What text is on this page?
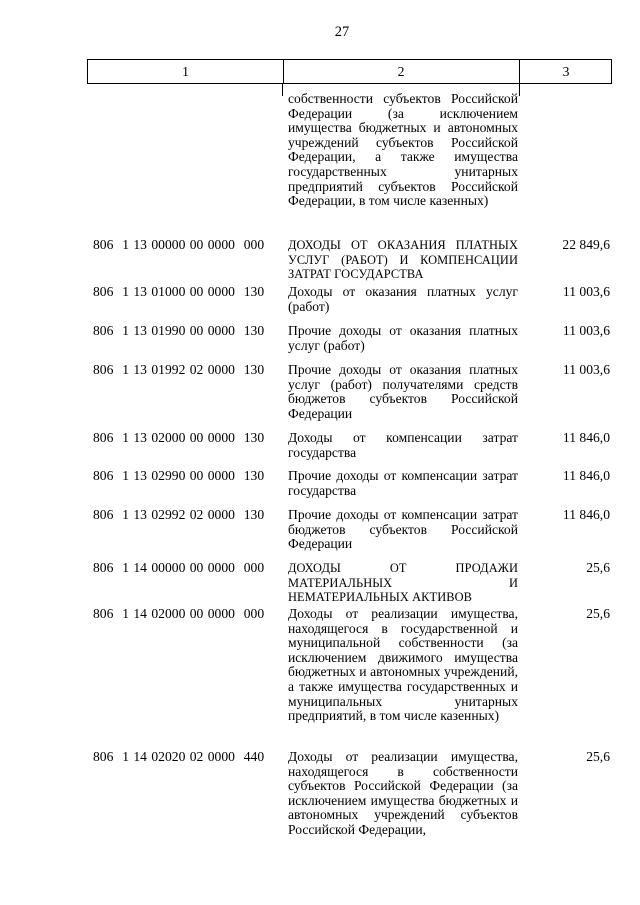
27
1	2	3
собственности субъектов Российской Федерации (за исключением имущества бюджетных и автономных учреждений субъектов Российской Федерации, а также имущества государственных унитарных предприятий субъектов Российской Федерации, в том числе казенных)
806  1 13 00000 00 0000  000 ДОХОДЫ ОТ ОКАЗАНИЯ ПЛАТНЫХ УСЛУГ (РАБОТ) И КОМПЕНСАЦИИ ЗАТРАТ ГОСУДАРСТВА
22 849,6
806  1 13 01000 00 0000  130 Доходы от оказания платных услуг (работ)
11 003,6
806  1 13 01990 00 0000  130 Прочие доходы от оказания платных услуг (работ)
11 003,6
806  1 13 01992 02 0000  130 Прочие доходы от оказания платных услуг (работ) получателями средств бюджетов субъектов Российской Федерации
11 003,6
806  1 13 02000 00 0000  130 Доходы от компенсации затрат государства
11 846,0
806  1 13 02990 00 0000  130 Прочие доходы от компенсации затрат государства
11 846,0
806  1 13 02992 02 0000  130 Прочие доходы от компенсации затрат бюджетов субъектов Российской Федерации
11 846,0
806  1 14 00000 00 0000  000 ДОХОДЫ ОТ ПРОДАЖИ МАТЕРИАЛЬНЫХ И НЕМАТЕРИАЛЬНЫХ АКТИВОВ
25,6
806  1 14 02000 00 0000  000 Доходы от реализации имущества, находящегося в государственной и муниципальной собственности (за исключением движимого имущества бюджетных и автономных учреждений, а также имущества государственных и муниципальных унитарных предприятий, в том числе казенных)
25,6
806  1 14 02020 02 0000  440 Доходы от реализации имущества, находящегося в собственности субъектов Российской Федерации (за исключением имущества бюджетных и автономных учреждений субъектов Российской Федерации,
25,6
